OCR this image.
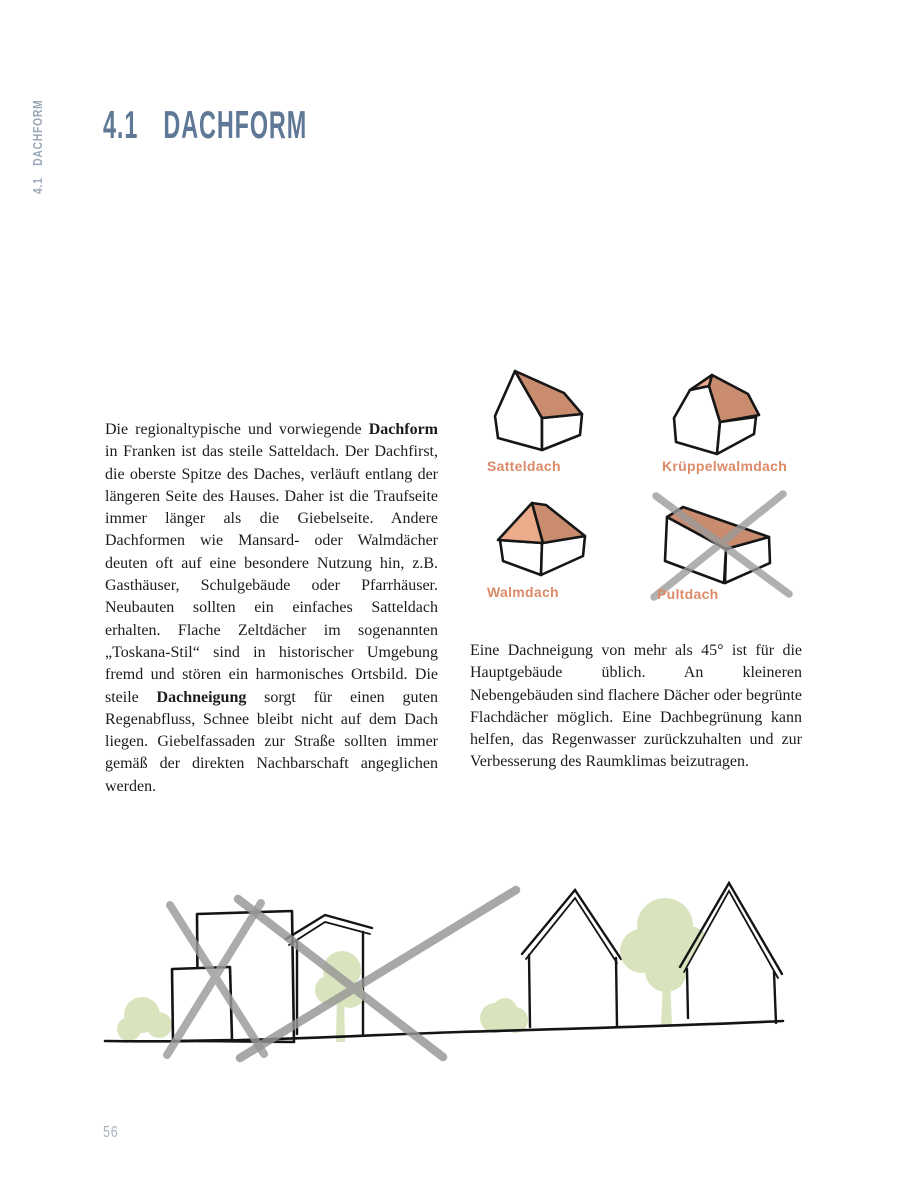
4.1DACHFORM 4.1 DACHFORM

Die regionaltypische und vorwiegende Dachform in Franken ist das steile Satteldach. Der Dachfirst, die oberste Spitze des Daches, verläuft entlang der längeren Seite des Hauses. Daher ist die Traufseite immer länger als die Giebelseite. Andere Dachformen wie Mansard- oder Walmdächer deuten oft auf eine besondere Nutzung hin, z.B. Gasthäuser, Schulgebäude oder Pfarrhäuser. Neubauten sollten ein einfaches Satteldach erhalten. Flache Zeltdächer im sogenannten „Toskana-Stil“ sind in historischer Umgebung fremd und stören ein harmonisches Ortsbild. Die steile Dachneigung sorgt für einen guten Regenabfluss, Schnee bleibt nicht auf dem Dach liegen. Giebelfassaden zur Straße sollten immer gemäß der direkten Nachbarschaft angeglichen werden.

Satteldach	Krüppelwalmdach
Walmdach	Pultdach

Eine Dachneigung von mehr als 45° ist für die Hauptgebäude üblich. An kleineren Nebengebäuden sind flachere Dächer oder begrünte Flachdächer möglich. Eine Dachbegrünung kann helfen, das Regenwasser zurückzuhalten und zur Verbesserung des Raumklimas beizutragen.

56
